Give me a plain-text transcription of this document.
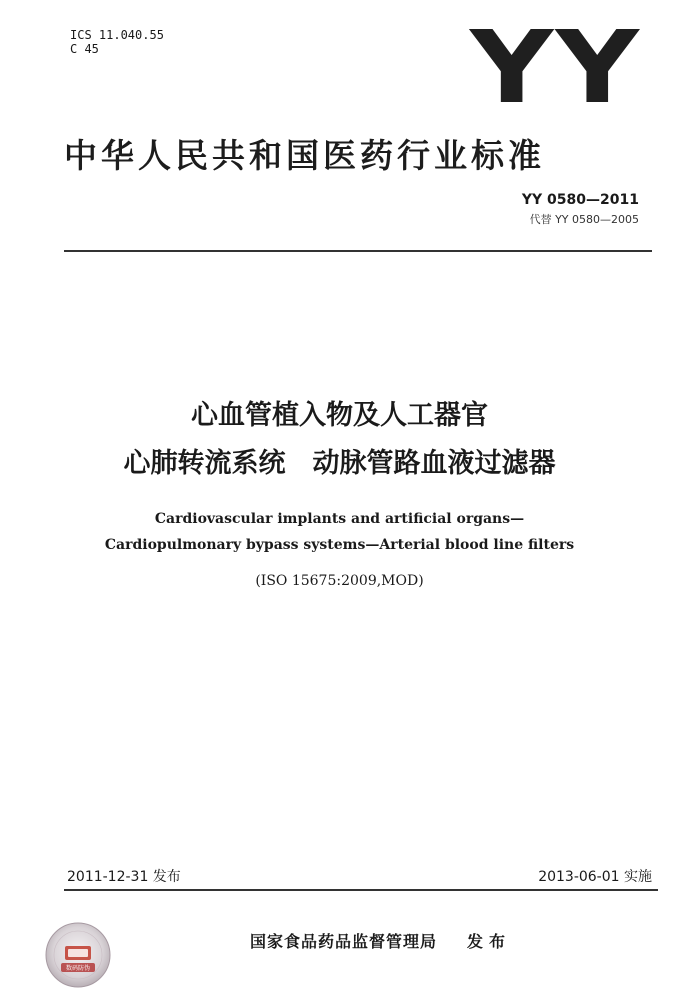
ICS 11.040.55
C 45	YY
中华人民共和国医药行业标准
YY 0580—2011
代替 YY 0580—2005
心血管植入物及人工器官
心肺转流系统　动脉管路血液过滤器
Cardiovascular implants and artificial organs—
Cardiopulmonary bypass systems—Arterial blood line filters
(ISO 15675:2009,MOD)
2011-12-31 发布	2013-06-01 实施
国家食品药品监督管理局 发布
数码防伪
